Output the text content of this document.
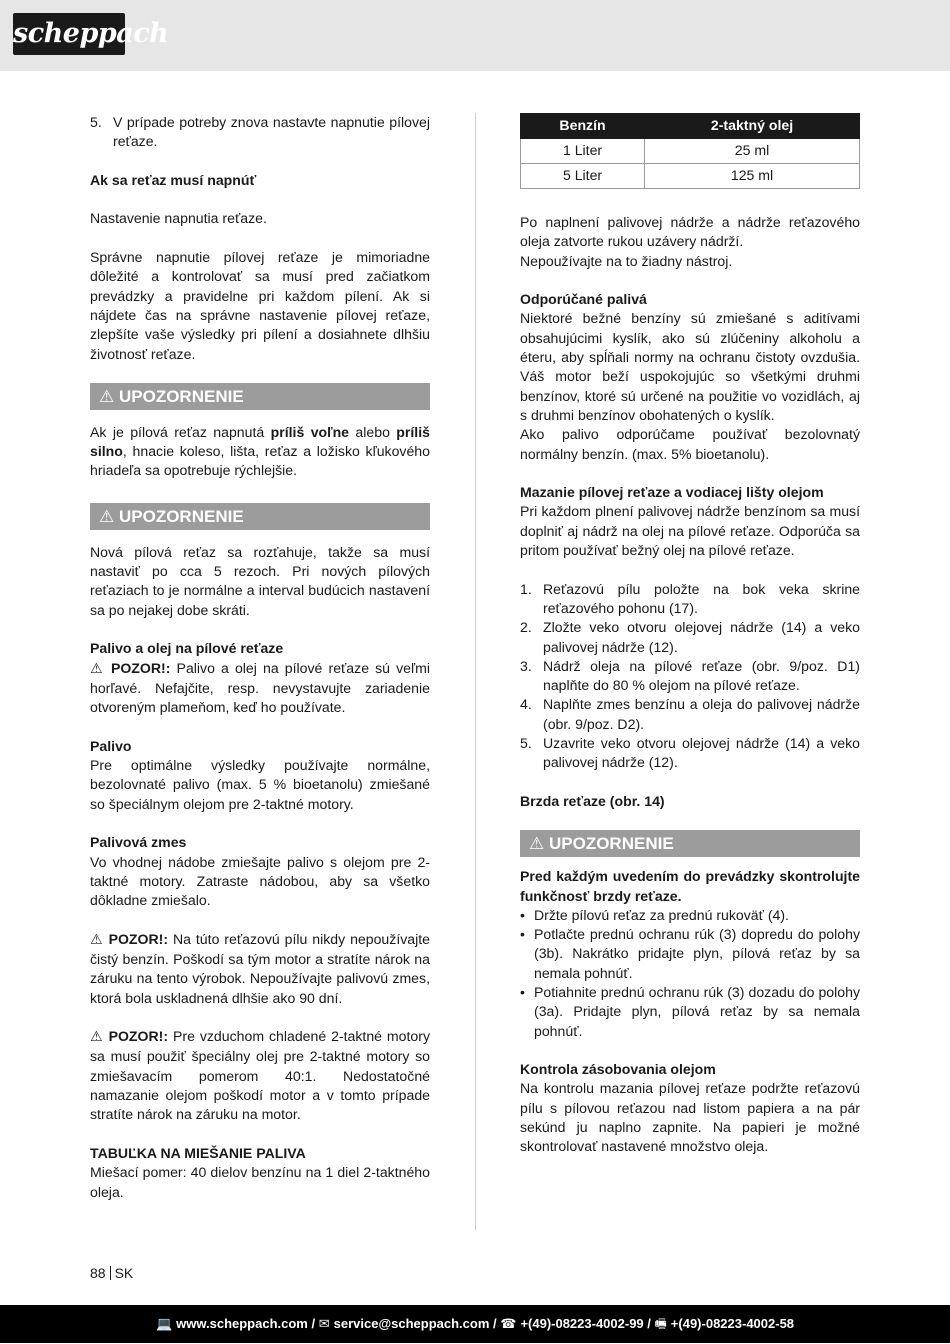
scheppach
5. V prípade potreby znova nastavte napnutie pílovej reťaze.

Ak sa reťaz musí napnúť

Nastavenie napnutia reťaze.

Správne napnutie pílovej reťaze je mimoriadne dôležité a kontrolovať sa musí pred začiatkom prevádzky a pravidelne pri každom pílení. Ak si nájdete čas na správne nastavenie pílovej reťaze, zlepšíte vaše výsledky pri pílení a dosiahnete dlhšiu životnosť reťaze.

⚠ UPOZORNENIE

Ak je pílová reťaz napnutá príliš voľne alebo príliš silno, hnacie koleso, lišta, reťaz a ložisko kľukového hriadeľa sa opotrebuje rýchlejšie.

⚠ UPOZORNENIE

Nová pílová reťaz sa rozťahuje, takže sa musí nastaviť po cca 5 rezoch. Pri nových pílových reťaziach to je normálne a interval budúcich nastavení sa po nejakej dobe skráti.

Palivo a olej na pílové reťaze

⚠ POZOR!: Palivo a olej na pílové reťaze sú veľmi horľavé. Nefajčite, resp. nevystavujte zariadenie otvoreným plameňom, keď ho používate.

Palivo

Pre optimálne výsledky používajte normálne, bezolovnaté palivo (max. 5 % bioetanolu) zmiešané so špeciálnym olejom pre 2-taktné motory.

Palivová zmes

Vo vhodnej nádobe zmiešajte palivo s olejom pre 2-taktné motory. Zatraste nádobou, aby sa všetko dôkladne zmiešalo.

⚠ POZOR!: Na túto reťazovú pílu nikdy nepoužívajte čistý benzín. Poškodí sa tým motor a stratíte nárok na záruku na tento výrobok. Nepoužívajte palivovú zmes, ktorá bola uskladnená dlhšie ako 90 dní.

⚠ POZOR!: Pre vzduchom chladené 2-taktné motory sa musí použiť špeciálny olej pre 2-taktné motory so zmiešavacím pomerom 40:1. Nedostatočné namazanie olejom poškodí motor a v tomto prípade stratíte nárok na záruku na motor.

TABUĽKA NA MIEŠANIE PALIVA

Miešací pomer: 40 dielov benzínu na 1 diel 2-taktného oleja.

Benzín	2-taktný olej
1 Liter	25 ml
5 Liter	125 ml

Po naplnení palivovej nádrže a nádrže reťazového oleja zatvorte rukou uzávery nádrží.

Nepoužívajte na to žiadny nástroj.

Odporúčané palivá

Niektoré bežné benzíny sú zmiešané s aditívami obsahujúcimi kyslík, ako sú zlúčeniny alkoholu a éteru, aby spĺňali normy na ochranu čistoty ovzdušia. Váš motor beží uspokojujúc so všetkými druhmi benzínov, ktoré sú určené na použitie vo vozidlách, aj s druhmi benzínov obohatených o kyslík.

Ako palivo odporúčame používať bezolovnatý normálny benzín. (max. 5% bioetanolu).

Mazanie pílovej reťaze a vodiacej lišty olejom

Pri každom plnení palivovej nádrže benzínom sa musí doplniť aj nádrž na olej na pílové reťaze. Odporúča sa pritom používať bežný olej na pílové reťaze.

1. Reťazovú pílu položte na bok veka skrine reťazového pohonu (17).
2. Zložte veko otvoru olejovej nádrže (14) a veko palivovej nádrže (12).
3. Nádrž oleja na pílové reťaze (obr. 9/poz. D1) naplňte do 80 % olejom na pílové reťaze.
4. Naplňte zmes benzínu a oleja do palivovej nádrže (obr. 9/poz. D2).
5. Uzavrite veko otvoru olejovej nádrže (14) a veko palivovej nádrže (12).

Brzda reťaze (obr. 14)

⚠ UPOZORNENIE

Pred každým uvedením do prevádzky skontrolujte funkčnosť brzdy reťaze.

• Držte pílovú reťaz za prednú rukoväť (4).
• Potlačte prednú ochranu rúk (3) dopredu do polohy (3b). Nakrátko pridajte plyn, pílová reťaz by sa nemala pohnúť.
• Potiahnite prednú ochranu rúk (3) dozadu do polohy (3a). Pridajte plyn, pílová reťaz by sa nemala pohnúť.

Kontrola zásobovania olejom

Na kontrolu mazania pílovej reťaze podržte reťazovú pílu s pílovou reťazou nad listom papiera a na pár sekúnd ju naplno zapnite. Na papieri je možné skontrolovať nastavené množstvo oleja.

88 SK
💻 www.scheppach.com / ✉ service@scheppach.com / ☎ +(49)-08223-4002-99 / 🖷 +(49)-08223-4002-58
